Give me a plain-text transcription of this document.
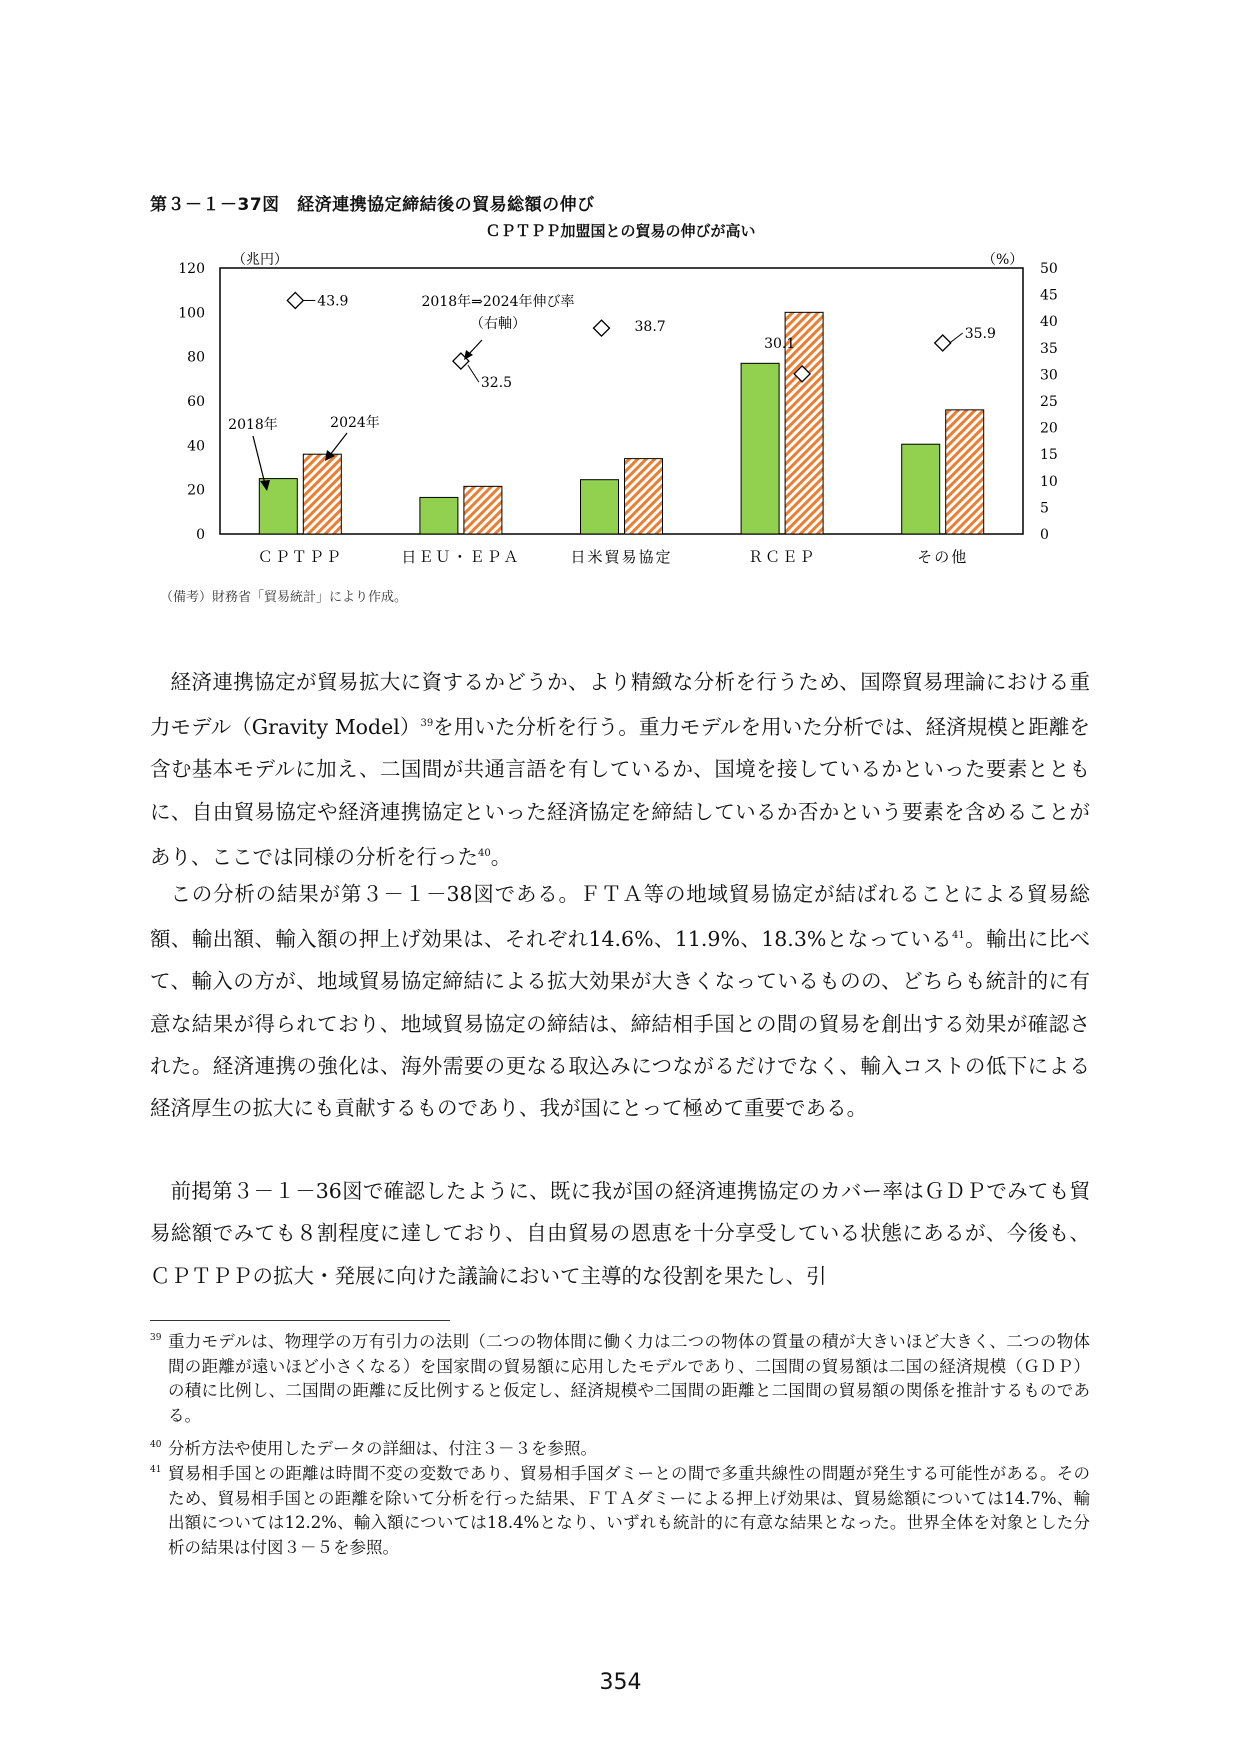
第３－１－37図　経済連携協定締結後の貿易総額の伸び
ＣＰＴＰＰ加盟国との貿易の伸びが高い
0
20
40
60
80
100
120
0
5
10
15
20
25
30
35
40
45
50
（兆円）	（%）
ＣＰＴＰＰ	日ＥＵ・ＥＰＡ	日米貿易協定	ＲＣＥＰ	その他
43.9
32.5
38.7
30.1
35.9
2018年⇒2024年伸び率
（右軸）
2018年	2024年
（備考）財務省「貿易統計」により作成。

経済連携協定が貿易拡大に資するかどうか、より精緻な分析を行うため、国際貿易理論における重力モデル（Gravity Model）$^{39}$を用いた分析を行う。重力モデルを用いた分析では、経済規模と距離を含む基本モデルに加え、二国間が共通言語を有しているか、国境を接しているかといった要素とともに、自由貿易協定や経済連携協定といった経済協定を締結しているか否かという要素を含めることがあり、ここでは同様の分析を行った$^{40}$。

この分析の結果が第３－１－38図である。ＦＴＡ等の地域貿易協定が結ばれることによる貿易総額、輸出額、輸入額の押上げ効果は、それぞれ14.6%、11.9%、18.3%となっている$^{41}$。輸出に比べて、輸入の方が、地域貿易協定締結による拡大効果が大きくなっているものの、どちらも統計的に有意な結果が得られており、地域貿易協定の締結は、締結相手国との間の貿易を創出する効果が確認された。経済連携の強化は、海外需要の更なる取込みにつながるだけでなく、輸入コストの低下による経済厚生の拡大にも貢献するものであり、我が国にとって極めて重要である。

前掲第３－１－36図で確認したように、既に我が国の経済連携協定のカバー率はＧＤＰでみても貿易総額でみても８割程度に達しており、自由貿易の恩恵を十分享受している状態にあるが、今後も、ＣＰＴＰＰの拡大・発展に向けた議論において主導的な役割を果たし、引

39 重力モデルは、物理学の万有引力の法則（二つの物体間に働く力は二つの物体の質量の積が大きいほど大きく、二つの物体間の距離が遠いほど小さくなる）を国家間の貿易額に応用したモデルであり、二国間の貿易額は二国の経済規模（ＧＤＰ）の積に比例し、二国間の距離に反比例すると仮定し、経済規模や二国間の距離と二国間の貿易額の関係を推計するものである。
40 分析方法や使用したデータの詳細は、付注３－３を参照。
41 貿易相手国との距離は時間不変の変数であり、貿易相手国ダミーとの間で多重共線性の問題が発生する可能性がある。そのため、貿易相手国との距離を除いて分析を行った結果、ＦＴＡダミーによる押上げ効果は、貿易総額については14.7%、輸出額については12.2%、輸入額については18.4%となり、いずれも統計的に有意な結果となった。世界全体を対象とした分析の結果は付図３－５を参照。
354
